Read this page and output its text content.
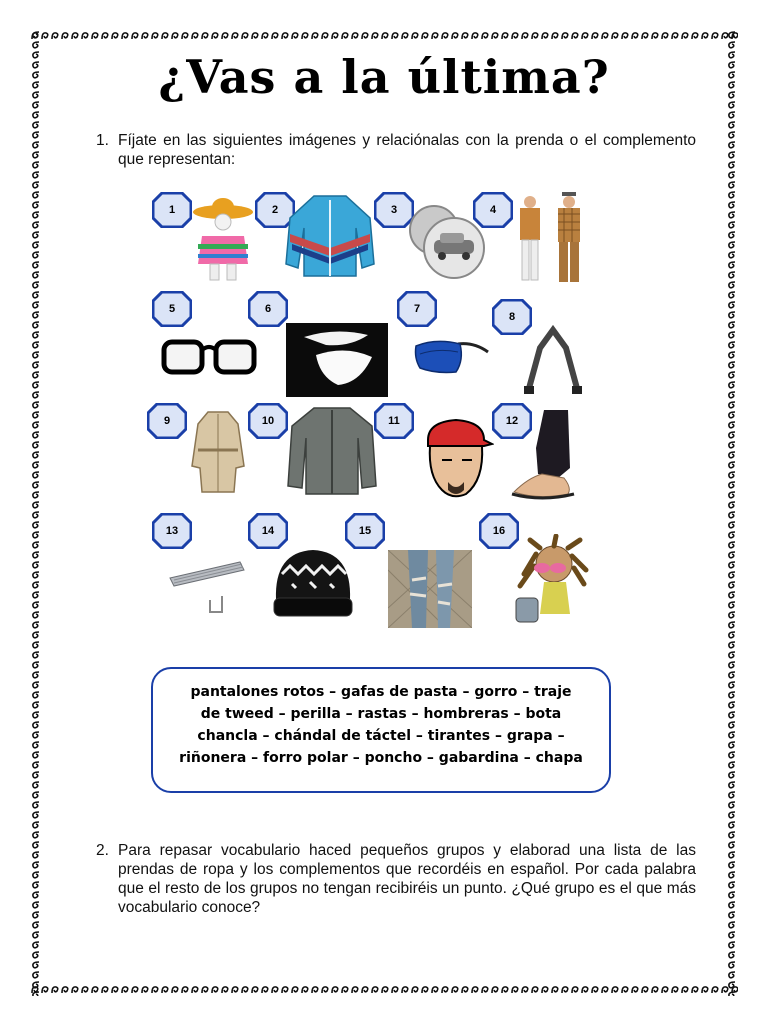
¿Vas a la última?
1. Fíjate en las siguientes imágenes y relaciónalas con la prenda o el complemento que representan:
1	2	3	4
5	6	7
8
9	10	11	12
13	14	15	16
pantalones rotos – gafas de pasta – gorro – traje
de tweed – perilla – rastas – hombreras – bota
chancla – chándal de táctel – tirantes – grapa –
riñonera – forro polar – poncho – gabardina – chapa
2. Para repasar vocabulario haced pequeños grupos y elaborad una lista de las prendas de ropa y los complementos que recordéis en español. Por cada palabra que el resto de los grupos no tengan recibiréis un punto. ¿Qué grupo es el que más vocabulario conoce?
